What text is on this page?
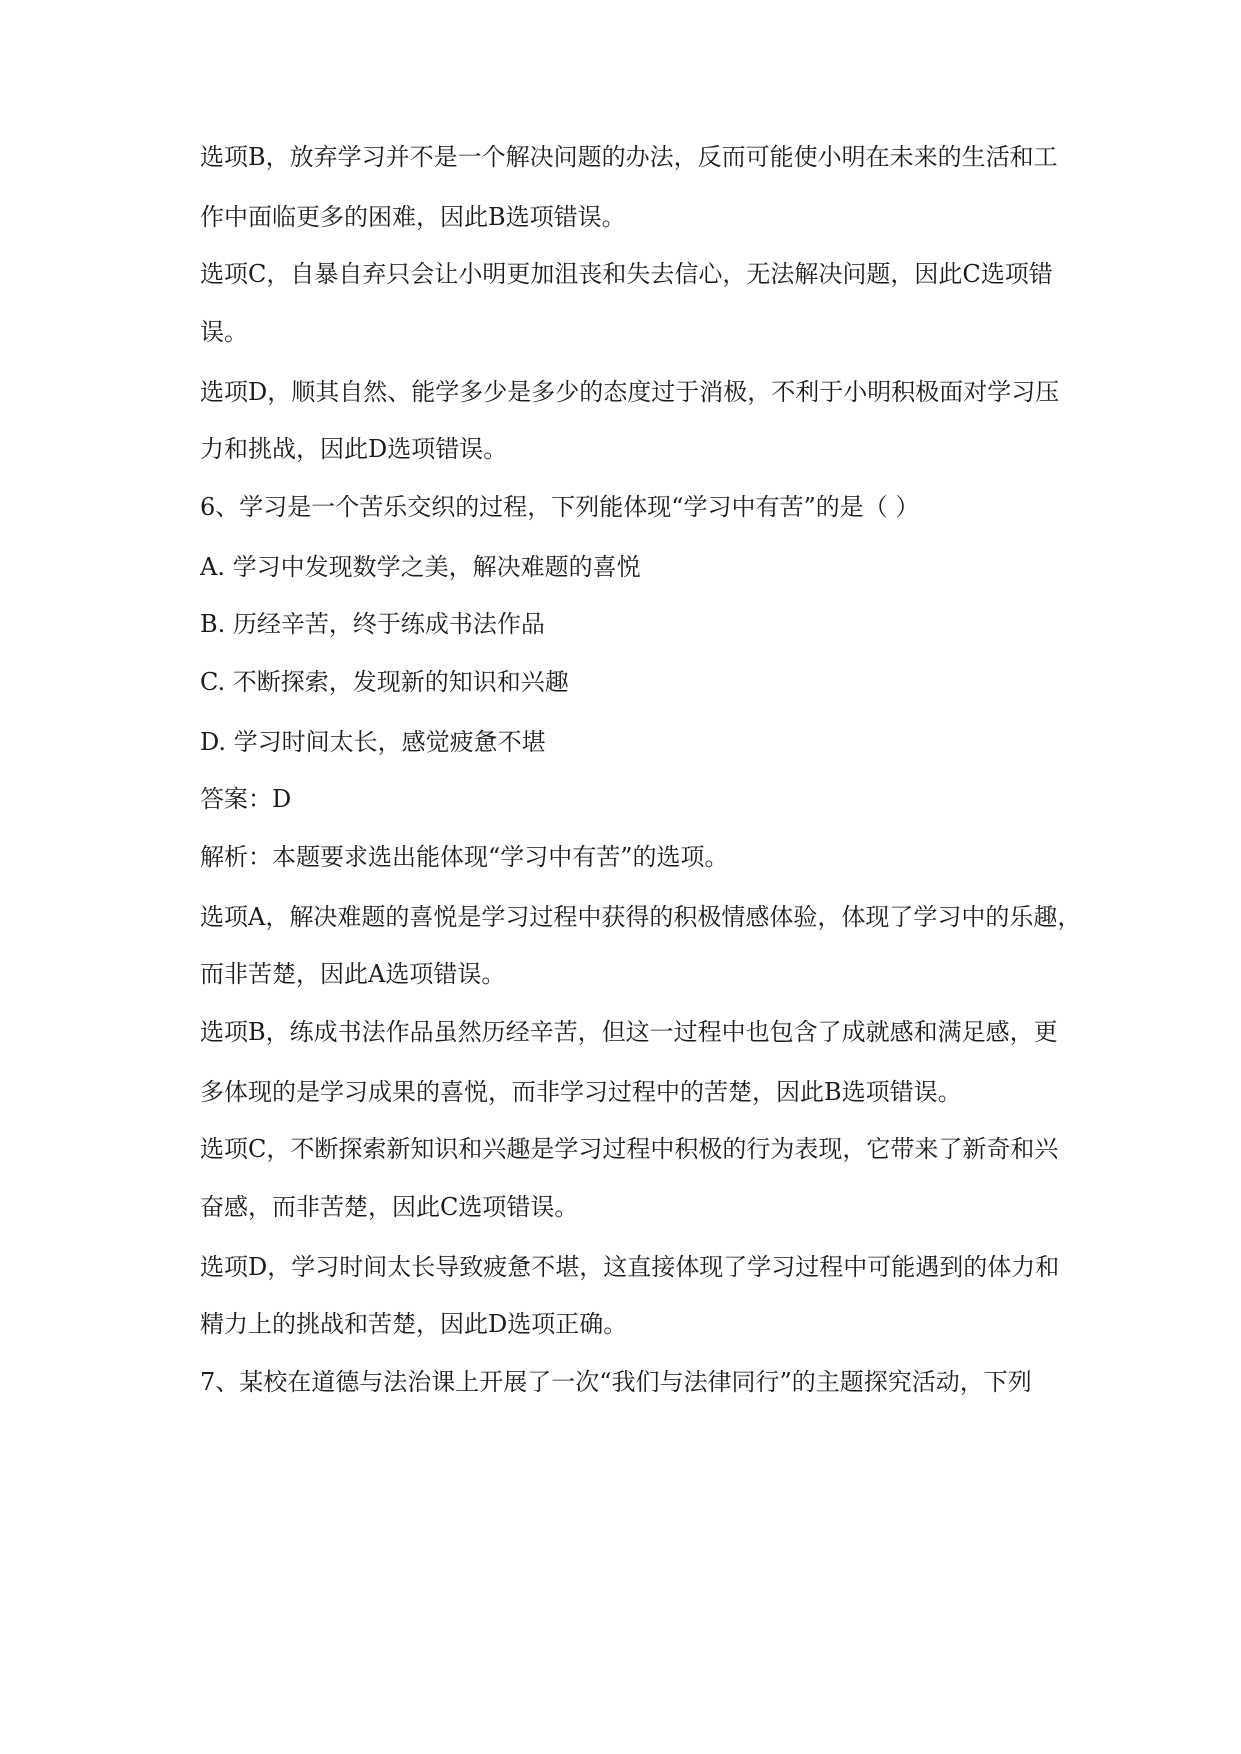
选项B，放弃学习并不是一个解决问题的办法，反而可能使小明在未来的生活和工
作中面临更多的困难，因此B选项错误。
选项C，自暴自弃只会让小明更加沮丧和失去信心，无法解决问题，因此C选项错
误。
选项D，顺其自然、能学多少是多少的态度过于消极，不利于小明积极面对学习压
力和挑战，因此D选项错误。
6、学习是一个苦乐交织的过程，下列能体现“学习中有苦”的是（ ）
A. 学习中发现数学之美，解决难题的喜悦
B. 历经辛苦，终于练成书法作品
C. 不断探索，发现新的知识和兴趣
D. 学习时间太长，感觉疲惫不堪
答案：D
解析：本题要求选出能体现“学习中有苦”的选项。
选项A，解决难题的喜悦是学习过程中获得的积极情感体验，体现了学习中的乐趣，
而非苦楚，因此A选项错误。
选项B，练成书法作品虽然历经辛苦，但这一过程中也包含了成就感和满足感，更
多体现的是学习成果的喜悦，而非学习过程中的苦楚，因此B选项错误。
选项C，不断探索新知识和兴趣是学习过程中积极的行为表现，它带来了新奇和兴
奋感，而非苦楚，因此C选项错误。
选项D，学习时间太长导致疲惫不堪，这直接体现了学习过程中可能遇到的体力和
精力上的挑战和苦楚，因此D选项正确。
7、某校在道德与法治课上开展了一次“我们与法律同行”的主题探究活动，下列
